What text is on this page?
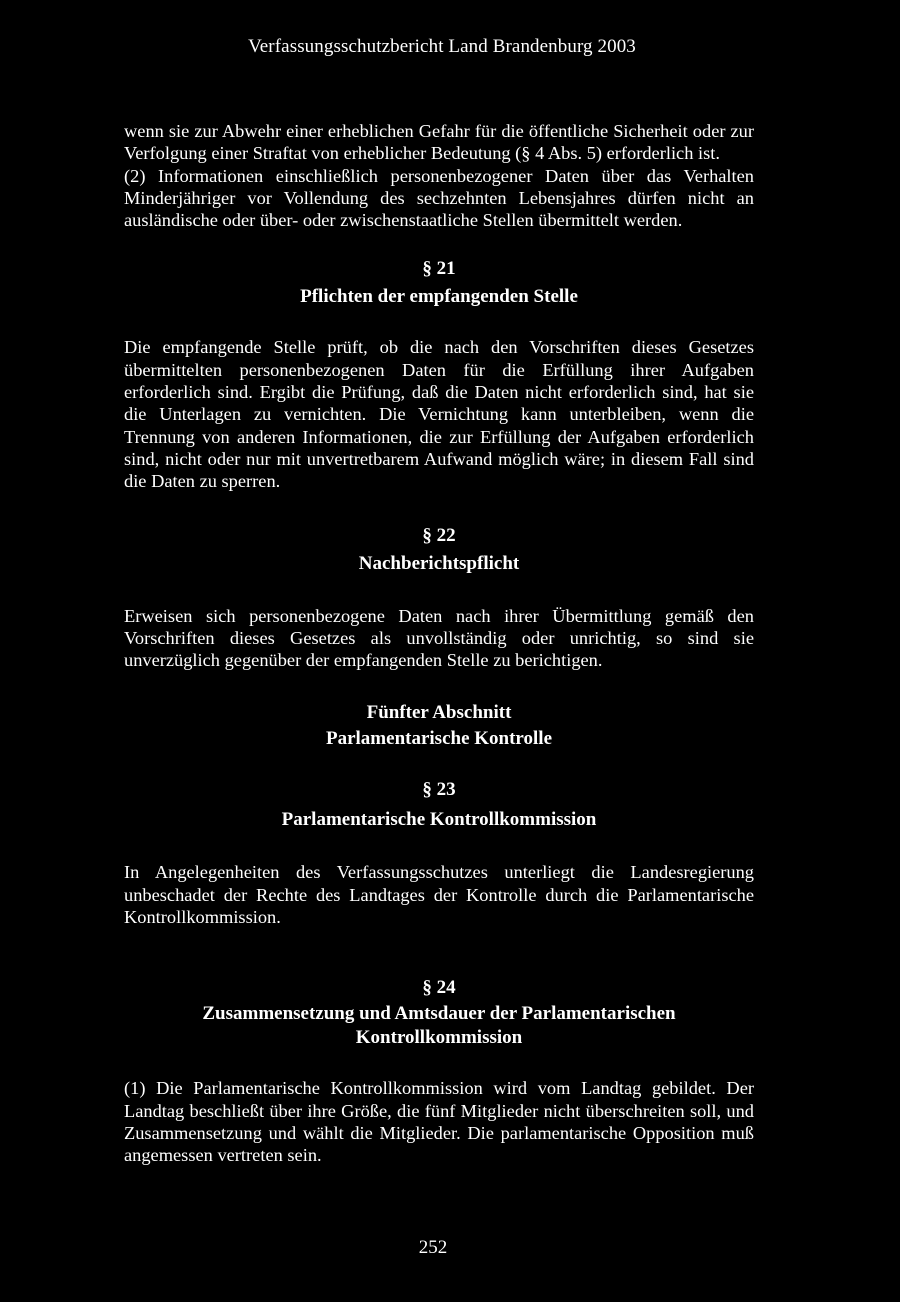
Verfassungsschutzbericht Land Brandenburg 2003

wenn sie zur Abwehr einer erheblichen Gefahr für die öffentliche Sicherheit oder zur Verfolgung einer Straftat von erheblicher Bedeutung (§ 4 Abs. 5) erforderlich ist.

(2) Informationen einschließlich personenbezogener Daten über das Verhalten Minderjähriger vor Vollendung des sechzehnten Lebensjahres dürfen nicht an ausländische oder über- oder zwischenstaatliche Stellen übermittelt werden.

§ 21
Pflichten der empfangenden Stelle

Die empfangende Stelle prüft, ob die nach den Vorschriften dieses Gesetzes übermittelten personenbezogenen Daten für die Erfüllung ihrer Aufgaben erforderlich sind. Ergibt die Prüfung, daß die Daten nicht erforderlich sind, hat sie die Unterlagen zu vernichten. Die Vernichtung kann unterbleiben, wenn die Trennung von anderen Informationen, die zur Erfüllung der Aufgaben erforderlich sind, nicht oder nur mit unvertretbarem Aufwand möglich wäre; in diesem Fall sind die Daten zu sperren.

§ 22
Nachberichtspflicht

Erweisen sich personenbezogene Daten nach ihrer Übermittlung gemäß den Vorschriften dieses Gesetzes als unvollständig oder unrichtig, so sind sie unverzüglich gegenüber der empfangenden Stelle zu berichtigen.

Fünfter Abschnitt
Parlamentarische Kontrolle
§ 23
Parlamentarische Kontrollkommission

In Angelegenheiten des Verfassungsschutzes unterliegt die Landesregierung unbeschadet der Rechte des Landtages der Kontrolle durch die Parlamentarische Kontrollkommission.

§ 24
Zusammensetzung und Amtsdauer der Parlamentarischen Kontrollkommission

(1) Die Parlamentarische Kontrollkommission wird vom Landtag gebildet. Der Landtag beschließt über ihre Größe, die fünf Mitglieder nicht überschreiten soll, und Zusammensetzung und wählt die Mitglieder. Die parlamentarische Opposition muß angemessen vertreten sein.

252
